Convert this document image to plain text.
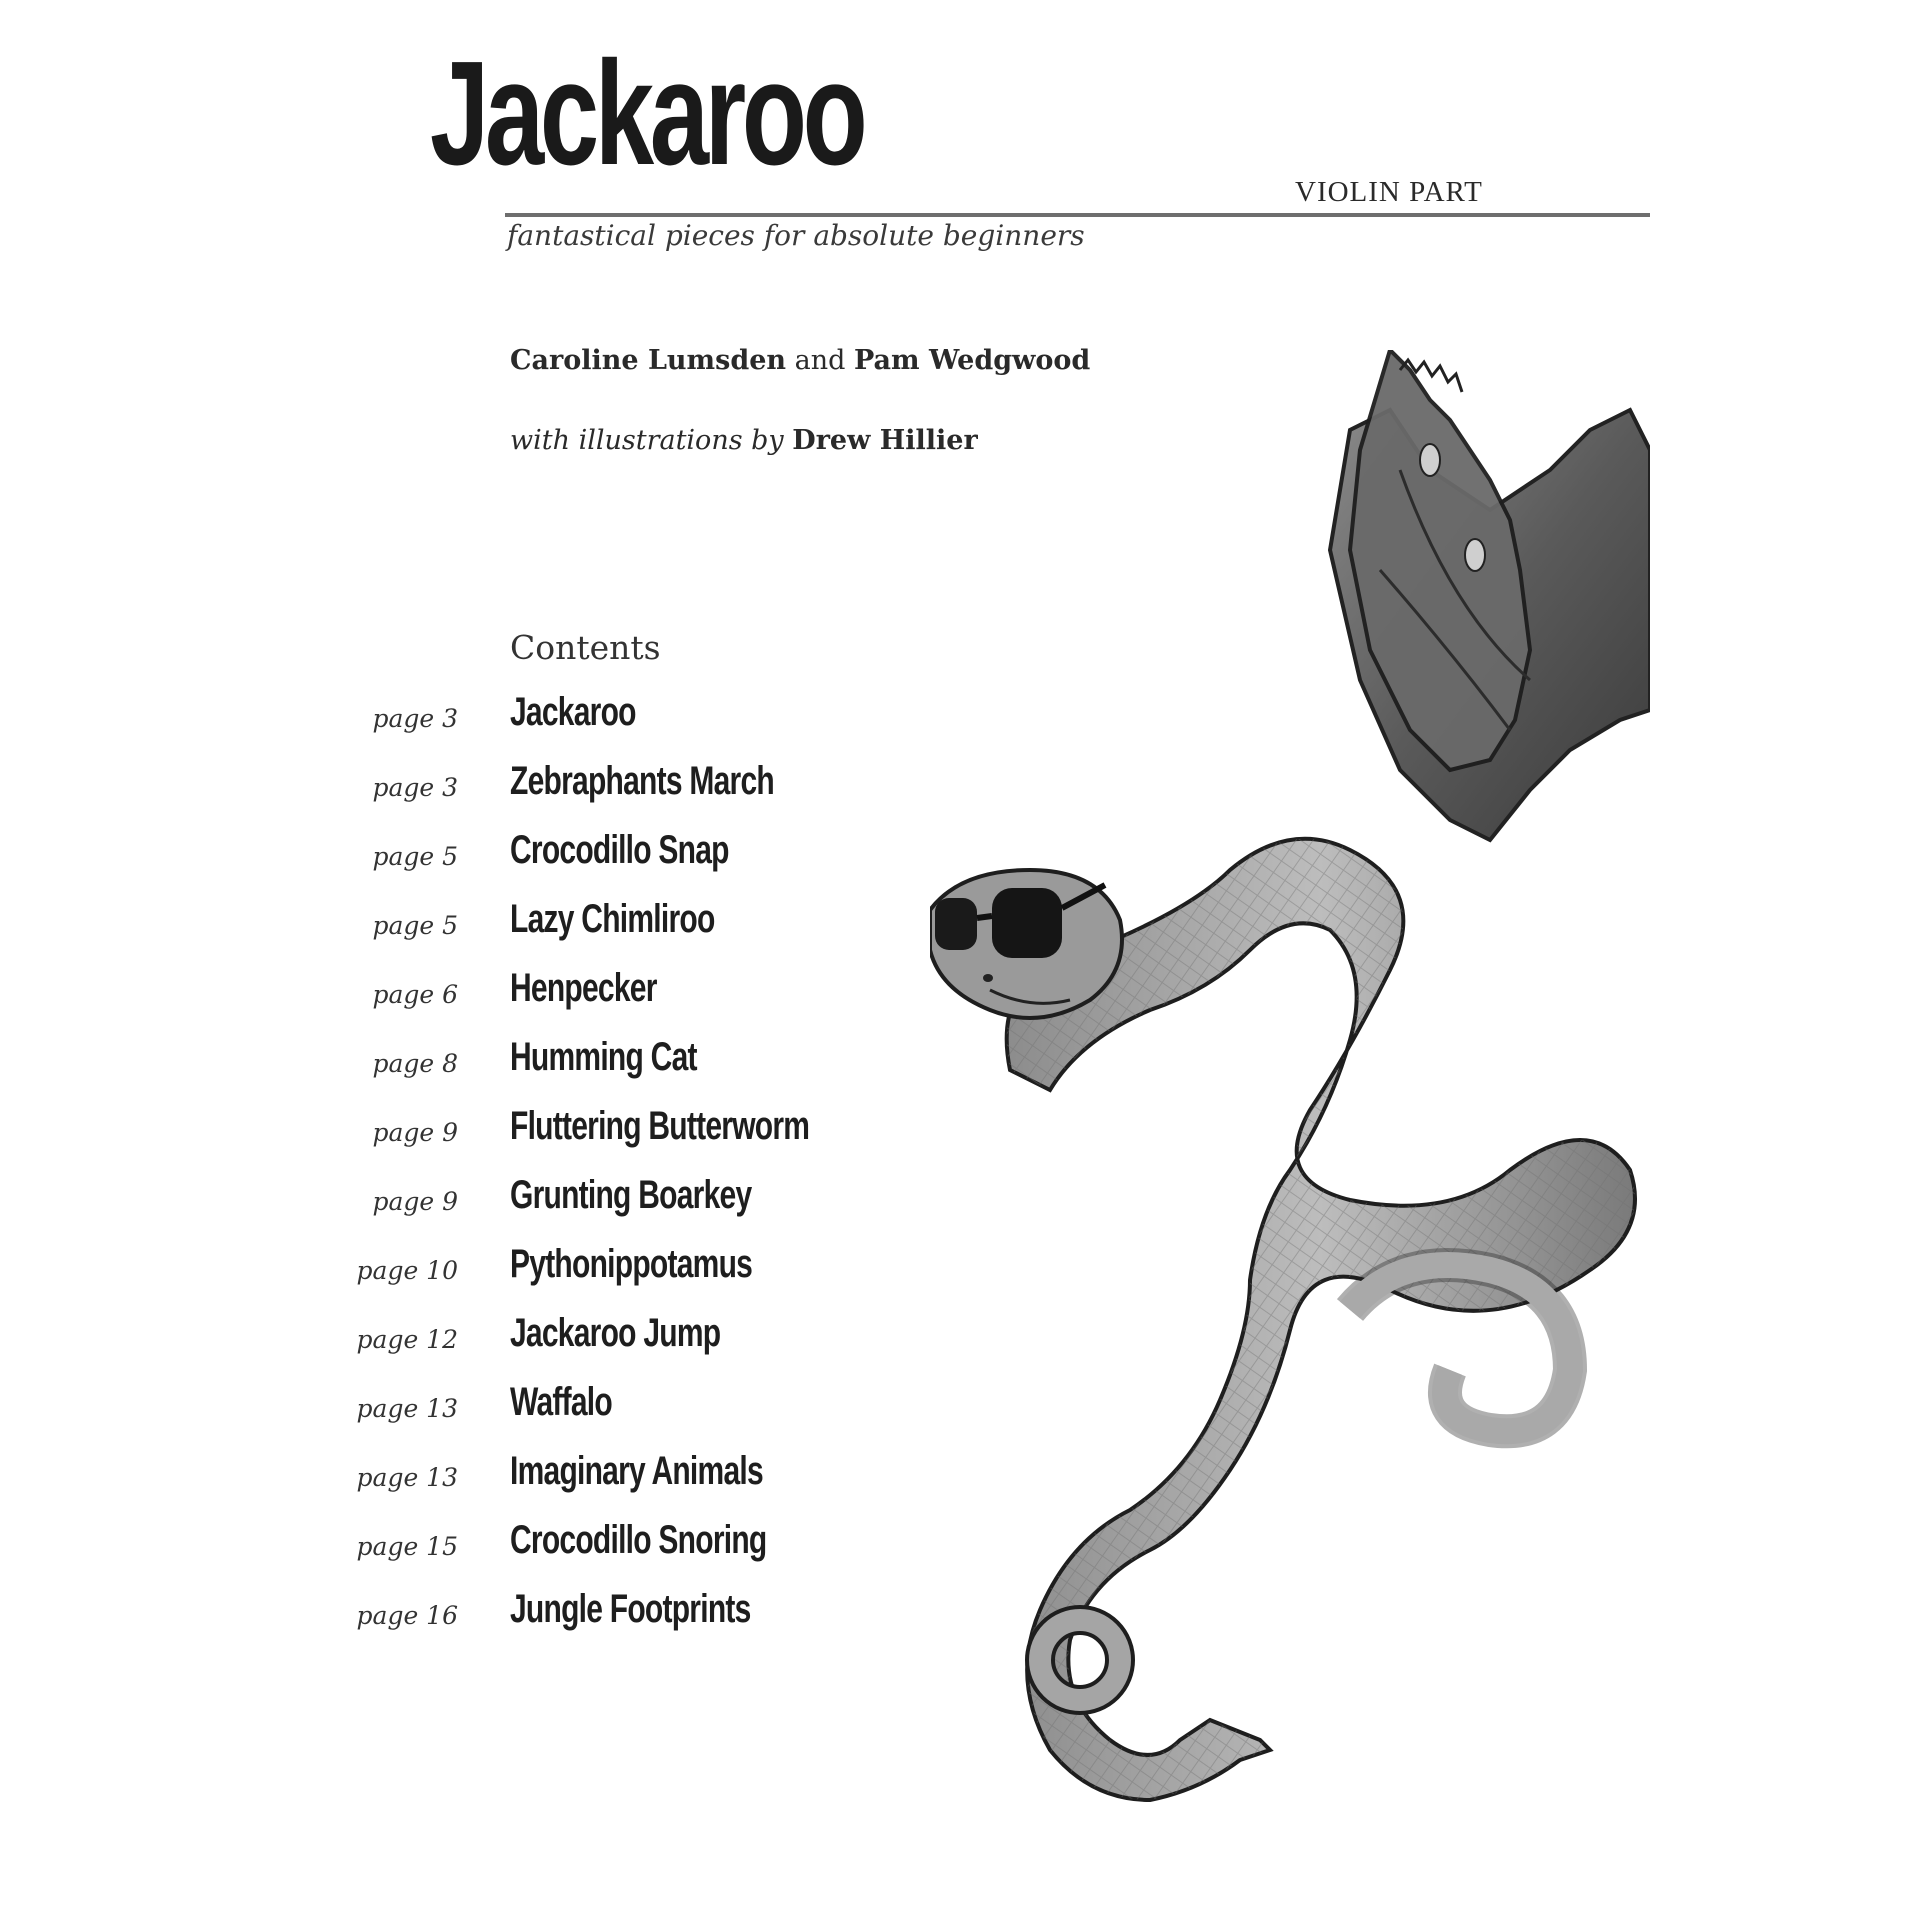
Jackaroo	VIOLIN PART
fantastical pieces for absolute beginners
Caroline Lumsden and Pam Wedgwood
with illustrations by Drew Hillier
Contents
page 3 Jackaroo
page 3 Zebraphants March
page 5 Crocodillo Snap
page 5 Lazy Chimliroo
page 6 Henpecker
page 8 Humming Cat
page 9 Fluttering Butterworm
page 9 Grunting Boarkey
page 10 Pythonippotamus
page 12 Jackaroo Jump
page 13 Waffalo
page 13 Imaginary Animals
page 15 Crocodillo Snoring
page 16 Jungle Footprints
